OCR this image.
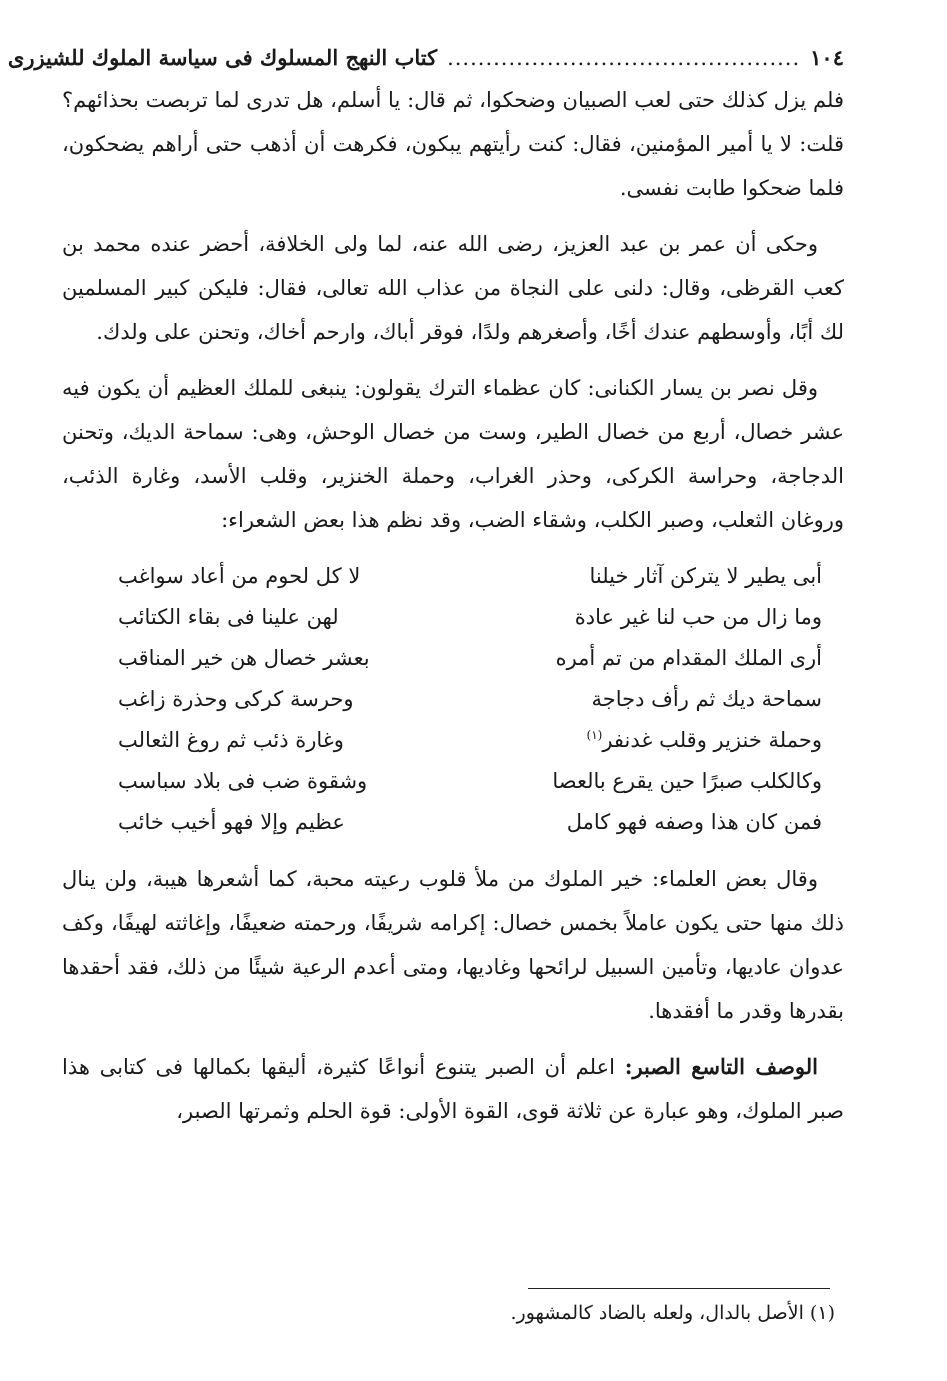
١٠٤
..............................................
كتاب النهج المسلوك فى سياسة الملوك للشيزرى

فلم يزل كذلك حتى لعب الصبيان وضحكوا، ثم قال: يا أسلم، هل تدرى لما تربصت بحذائهم؟ قلت: لا يا أمير المؤمنين، فقال: كنت رأيتهم يبكون، فكرهت أن أذهب حتى أراهم يضحكون، فلما ضحكوا طابت نفسى.

وحكى أن عمر بن عبد العزيز، رضى الله عنه، لما ولى الخلافة، أحضر عنده محمد بن كعب القرظى، وقال: دلنى على النجاة من عذاب الله تعالى، فقال: فليكن كبير المسلمين لك أبًا، وأوسطهم عندك أخًا، وأصغرهم ولدًا، فوقر أباك، وارحم أخاك، وتحنن على ولدك.

وقل نصر بن يسار الكنانى: كان عظماء الترك يقولون: ينبغى للملك العظيم أن يكون فيه عشر خصال، أربع من خصال الطير، وست من خصال الوحش، وهى: سماحة الديك، وتحنن الدجاجة، وحراسة الكركى، وحذر الغراب، وحملة الخنزير، وقلب الأسد، وغارة الذئب، وروغان الثعلب، وصبر الكلب، وشقاء الضب، وقد نظم هذا بعض الشعراء:

أبى يطير لا يتركن آثار خيلنا
لا كل لحوم من أعاد سواغب
وما زال من حب لنا غير عادة
لهن علينا فى بقاء الكتائب
أرى الملك المقدام من تم أمره
بعشر خصال هن خير المناقب
سماحة ديك ثم رأف دجاجة
وحرسة كركى وحذرة زاغب
وحملة خنزير وقلب غدنفر$^{(١)}$
وغارة ذئب ثم روغ الثعالب
وكالكلب صبرًا حين يقرع بالعصا
وشقوة ضب فى بلاد سباسب
فمن كان هذا وصفه فهو كامل
عظيم وإلا فهو أخيب خائب

وقال بعض العلماء: خير الملوك من ملأ قلوب رعيته محبة، كما أشعرها هيبة، ولن ينال ذلك منها حتى يكون عاملاً بخمس خصال: إكرامه شريفًا، ورحمته ضعيفًا، وإغاثته لهيفًا، وكف عدوان عاديها، وتأمين السبيل لرائحها وغاديها، ومتى أعدم الرعية شيئًا من ذلك، فقد أحقدها بقدرها وقدر ما أفقدها.

الوصف التاسع الصبر: اعلم أن الصبر يتنوع أنواعًا كثيرة، أليقها بكمالها فى كتابى هذا صبر الملوك، وهو عبارة عن ثلاثة قوى، القوة الأولى: قوة الحلم وثمرتها الصبر،

(١) الأصل بالدال، ولعله بالضاد كالمشهور.
